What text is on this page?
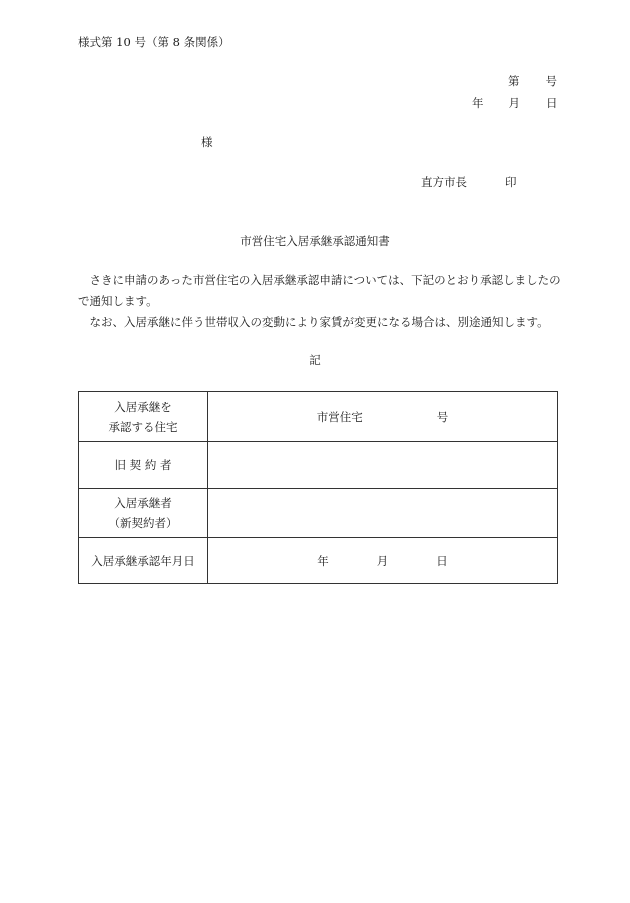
様式第 10 号（第 8 条関係）
第 号
年 月 日
様
直方市長	印
市営住宅入居承継承認通知書

さきに申請のあった市営住宅の入居承継承認申請については、下記のとおり承認しましたので通知します。

なお、入居承継に伴う世帯収入の変動により家賃が変更になる場合は、別途通知します。

記
入居承継を
承認する住宅	市営住宅 号
旧 契 約 者	

入居承継者
（新契約者）	

入居承継承認年月日	年 月 日
